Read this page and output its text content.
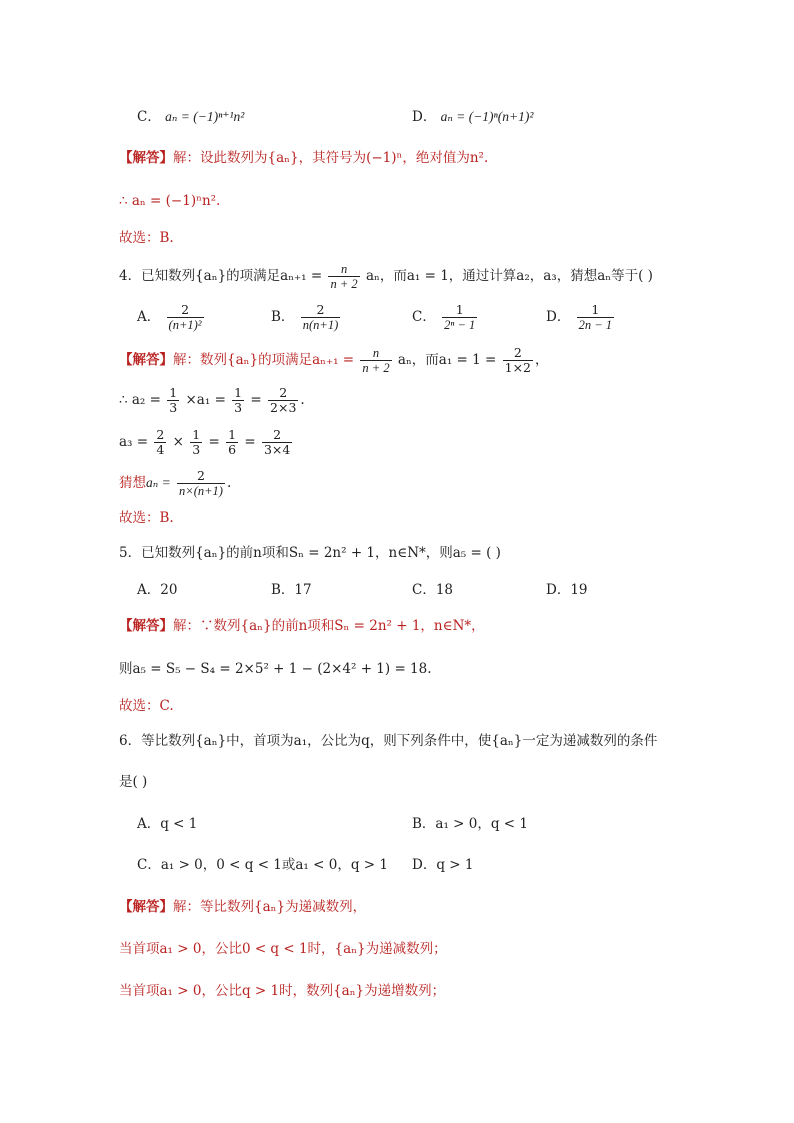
C． aₙ = (−1)ⁿ⁺¹n²	D． aₙ = (−1)ⁿ(n+1)²
【解答】解：设此数列为{aₙ}，其符号为(−1)ⁿ，绝对值为n².
∴ aₙ = (−1)ⁿn².
故选：B.
4．已知数列{aₙ}的项满足$a_{n+1} = \frac{n}{n + 2}$ aₙ，而a₁ = 1，通过计算a₂，a₃，猜想aₙ等于( )
A． $\frac{2}{\text{(n+1)²}}$	B． $\frac{2}{n(n+1)}$	C． $\frac{1}{\text{2ⁿ − 1}}$	D． $\frac{1}{2n - 1}$
【解答】解：数列{aₙ}的项满足$a_{n+1} = \frac{n}{n + 2}$ aₙ，而$a_1 = 1 = \frac{2}{1\times 2}$ ，
∴ $a_2 = \frac{1}{3} \times a_1 = \frac{1}{3} = \frac{2}{2\times 3}$ .
$a_3 = \frac{2}{4} \times \frac{1}{3} = \frac{1}{6} = \frac{2}{3\times 4}$
猜想$a_n = \frac{2}{n\times(n+1)}$ .
故选：B.
5．已知数列{aₙ}的前n项和Sₙ = 2n² + 1，n∈N*，则a₅ = ( )
A．20	B．17	C．18	D．19
【解答】解：∵数列{aₙ}的前n项和Sₙ = 2n² + 1，n∈N*，
则a₅ = S₅ − S₄ = 2×5² + 1 − (2×4² + 1) = 18.
故选：C.
6．等比数列{aₙ}中，首项为a₁，公比为q，则下列条件中，使{aₙ}一定为递减数列的条件
是( )
A．q < 1	B．a₁ > 0，q < 1
C．a₁ > 0，0 < q < 1或a₁ < 0，q > 1 D．q > 1
【解答】解：等比数列{aₙ}为递减数列，
当首项a₁ > 0，公比0 < q < 1时，{aₙ}为递减数列；
当首项a₁ > 0，公比q > 1时，数列{aₙ}为递增数列；
